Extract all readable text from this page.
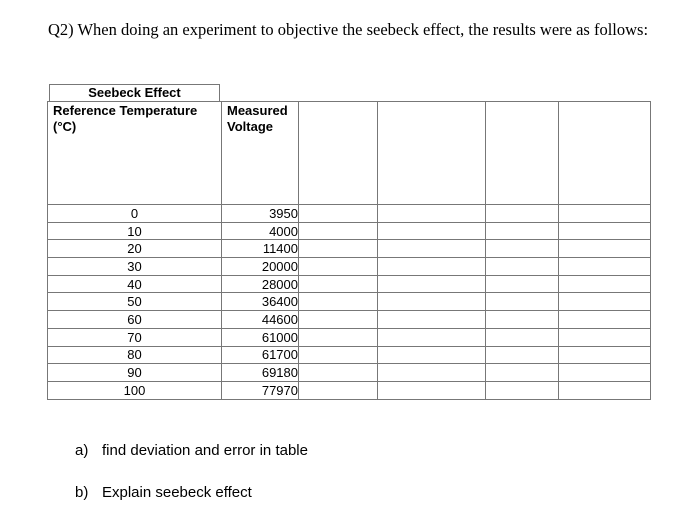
Q2) When doing an experiment to objective the seebeck effect, the results were as follows:
Seebeck Effect
Reference Temperature (°C)	Measured Voltage				
0	3950				
10	4000				
20	11400				
30	20000				
40	28000				
50	36400				
60	44600				
70	61000				
80	61700				
90	69180				
100	77970				
a) find deviation and error in table
b) Explain seebeck effect
